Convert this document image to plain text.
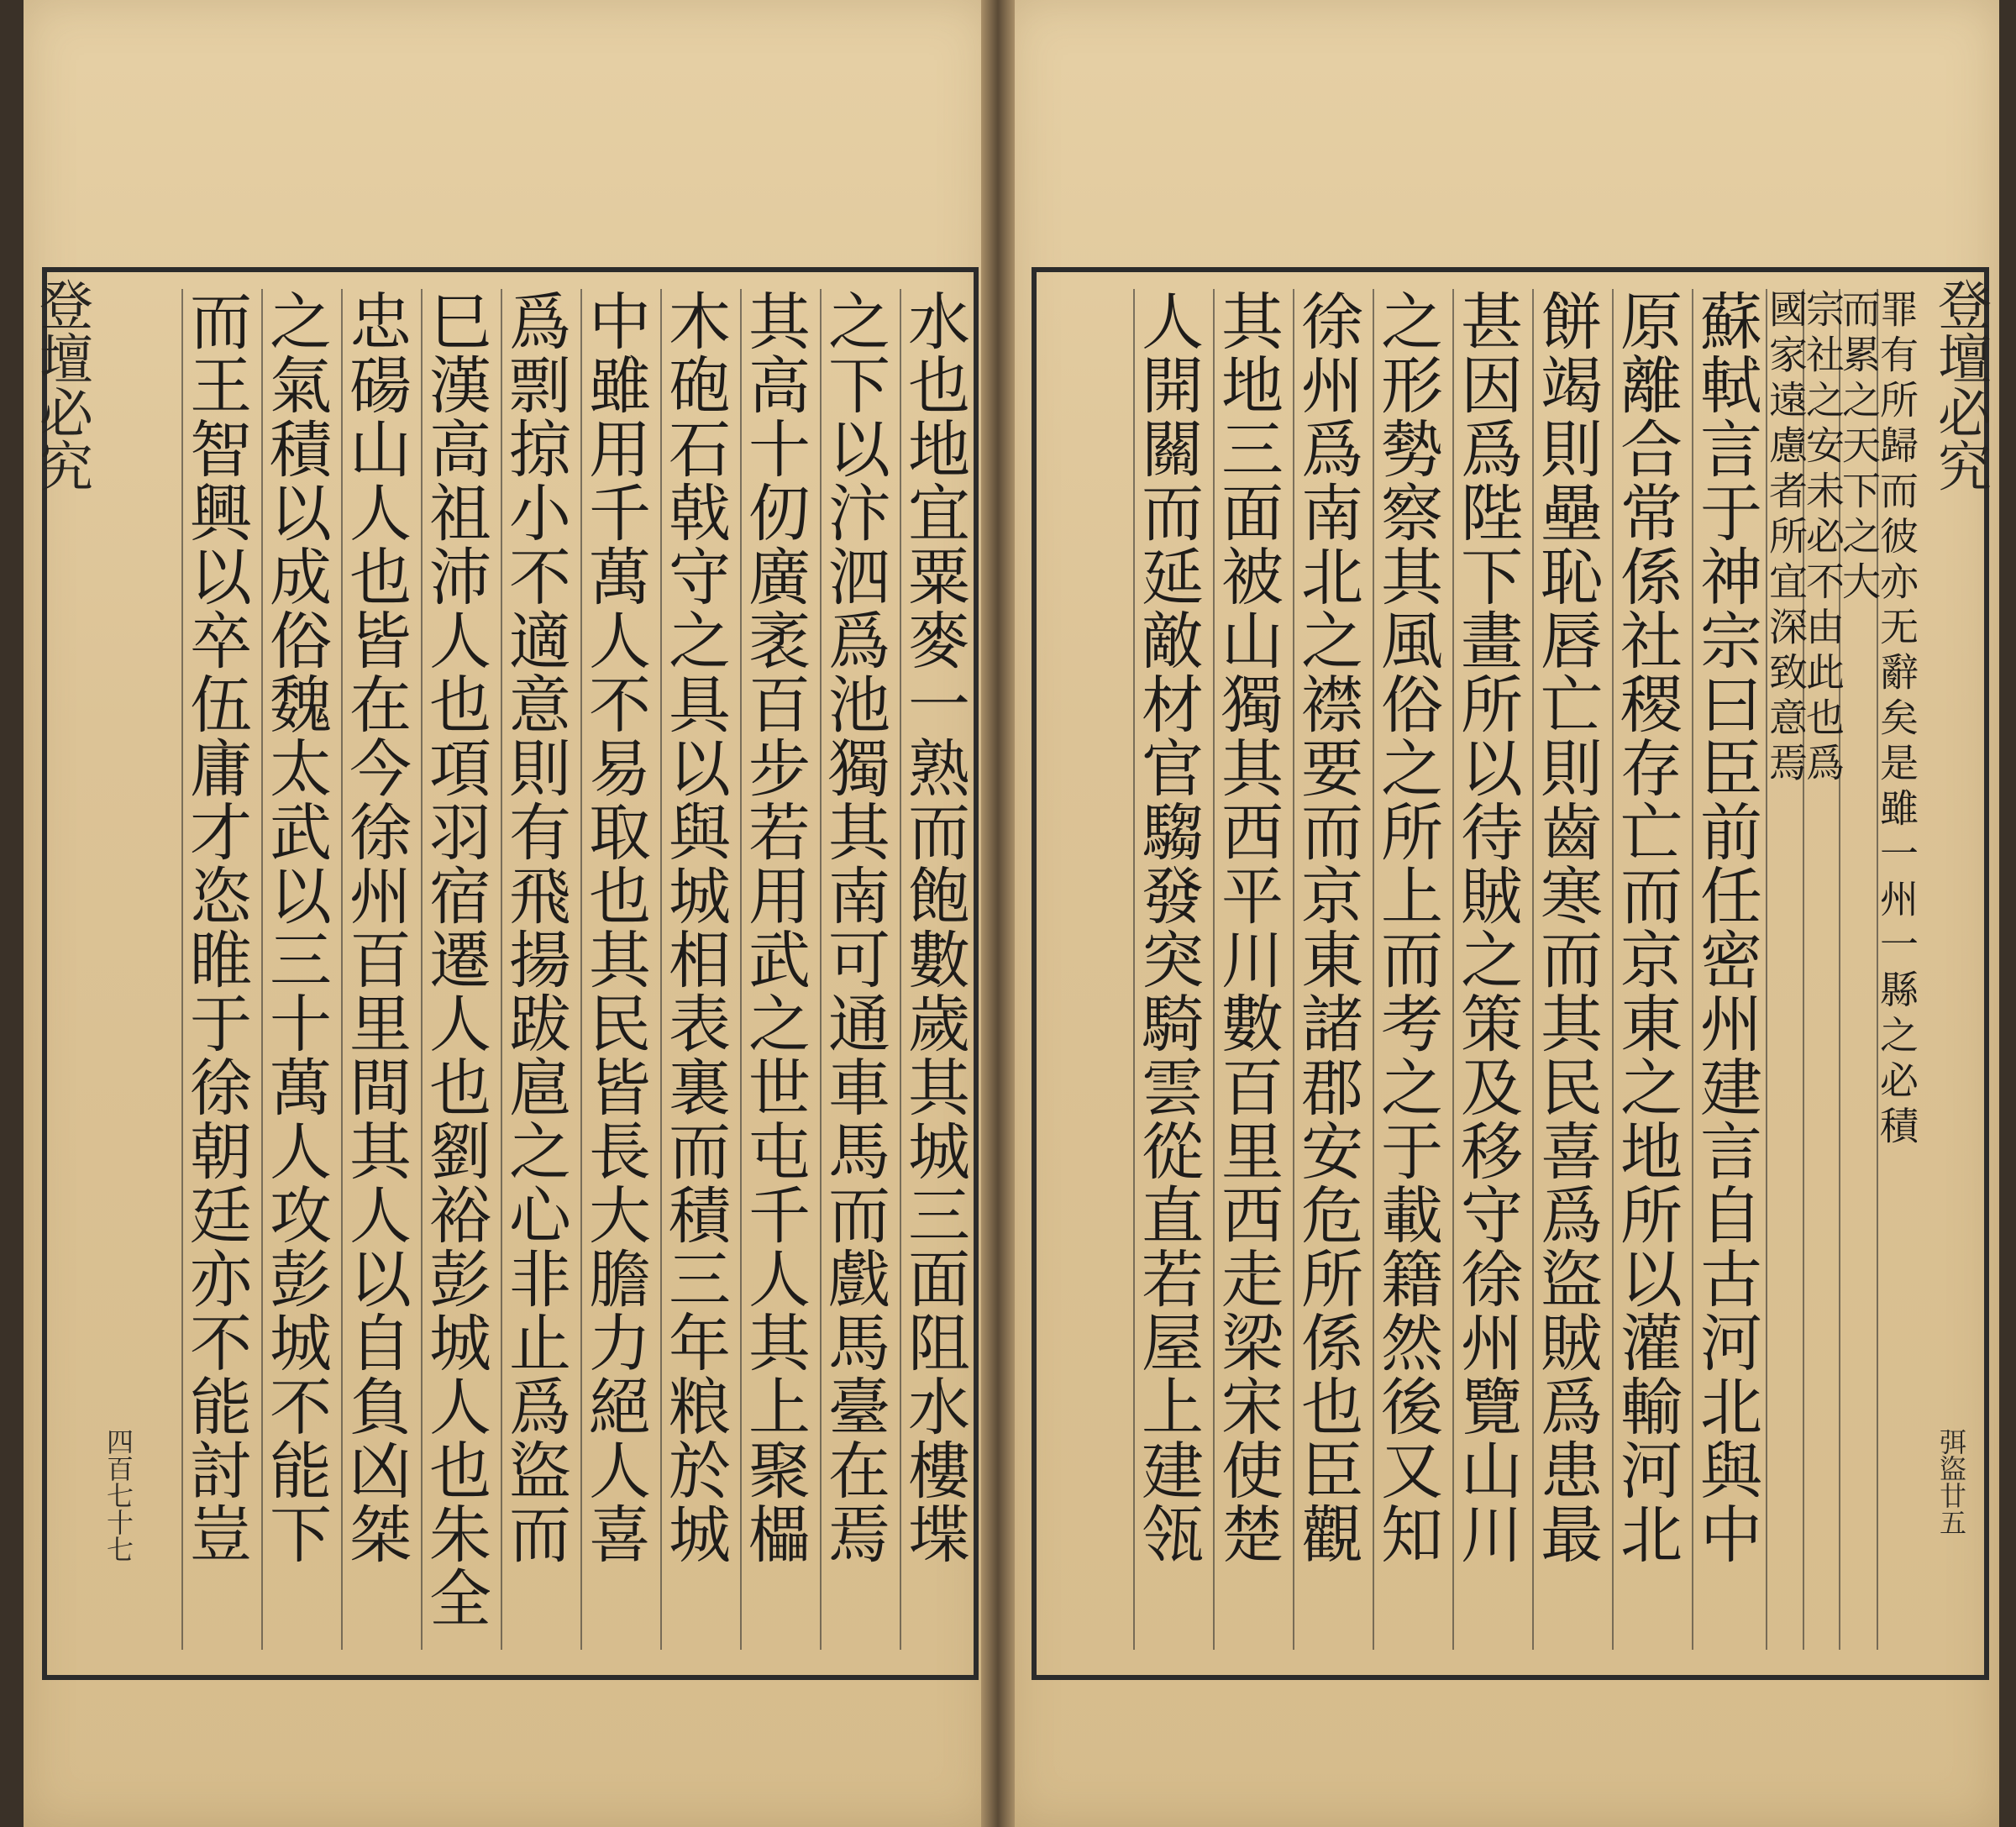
水也地宜粟麥一熟而飽數歲其城三面阻水樓堞
之下以汴泗爲池獨其南可通車馬而戲馬臺在焉
其高十仞廣袤百步若用武之世屯千人其上聚櫑
木砲石戟守之具以與城相表裏而積三年粮於城
中雖用千萬人不易取也其民皆長大膽力絕人喜
爲剽掠小不適意則有飛揚跋扈之心非止爲盜而
巳漢高祖沛人也項羽宿遷人也劉裕彭城人也朱全
忠碭山人也皆在今徐州百里間其人以自負凶桀
之氣積以成俗魏太武以三十萬人攻彭城不能下
而王智興以卒伍庸才恣睢于徐朝廷亦不能討豈
登壇必究
四百七十七
罪有所歸而彼亦无辭矣是雖一州一縣之必積
而累之天下之大
宗社之安未必不由此也爲
國家遠慮者所宜深致意焉
蘇軾言于神宗曰臣前任密州建言自古河北與中
原離合常係社稷存亡而京東之地所以灌輸河北
餅竭則壘恥唇亡則齒寒而其民喜爲盜賊爲患最
甚因爲陛下畫所以待賊之策及移守徐州覽山川
之形勢察其風俗之所上而考之于載籍然後又知
徐州爲南北之襟要而京東諸郡安危所係也臣觀
其地三面被山獨其西平川數百里西走梁宋使楚
人開關而延敵材官騶發突騎雲從直若屋上建瓴	登壇必究
弭盜廿五
